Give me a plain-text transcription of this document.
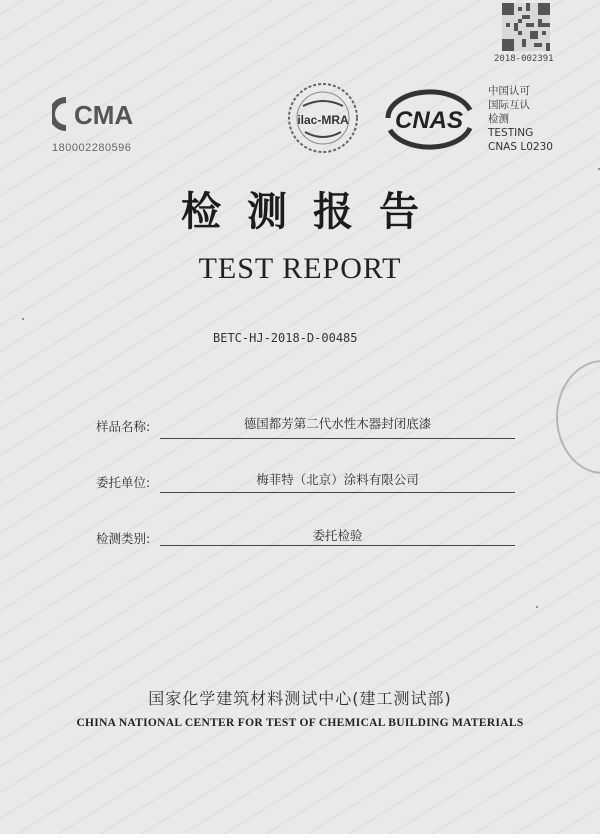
2018-002391
CMA
180002280596
ilac-MRA CNAS
中国认可
国际互认
检测
TESTING
CNAS L0230
检测报告
TEST REPORT
BETC-HJ-2018-D-00485
样品名称:	德国都芳第二代水性木器封闭底漆
委托单位:	梅菲特（北京）涂料有限公司
检测类别:	委托检验
国家化学建筑材料测试中心(建工测试部)
CHINA NATIONAL CENTER FOR TEST OF CHEMICAL BUILDING MATERIALS
